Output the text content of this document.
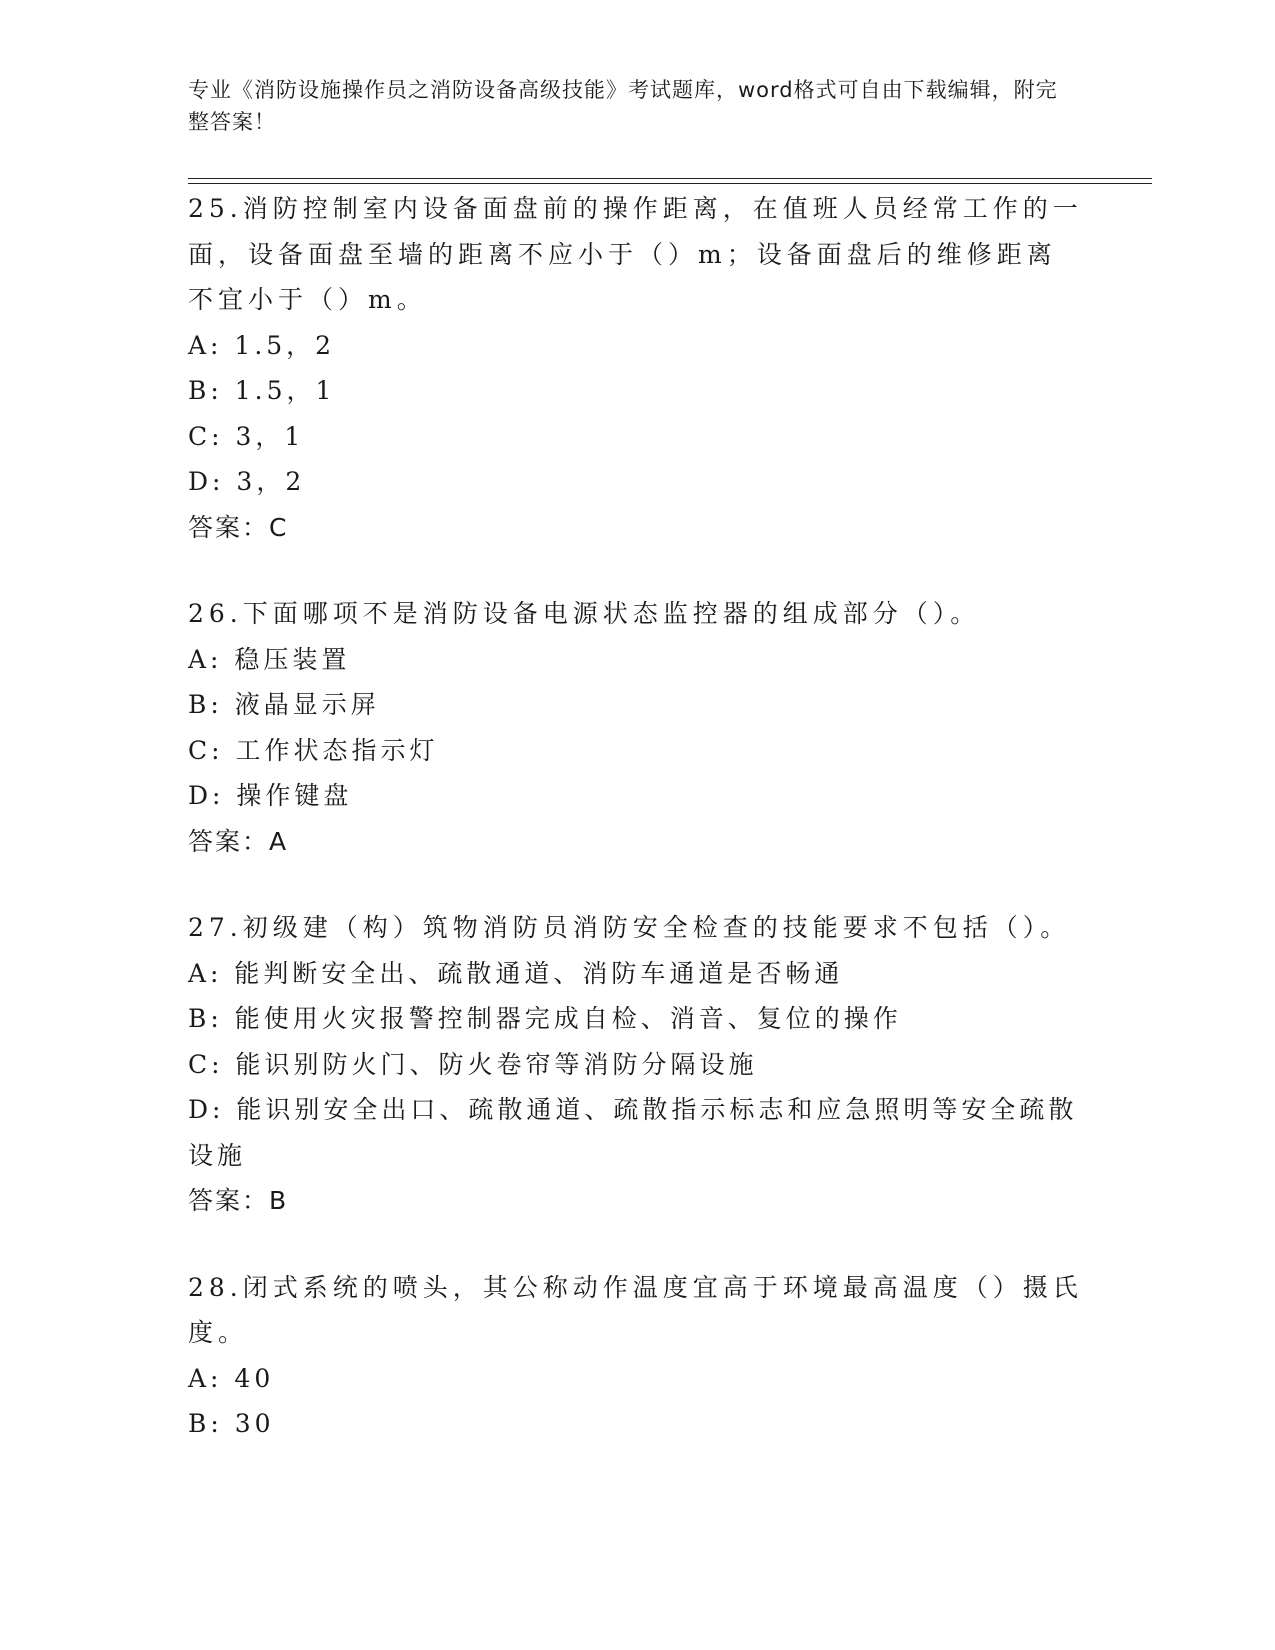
专业《消防设施操作员之消防设备高级技能》考试题库，word格式可自由下载编辑，附完整答案！

25.消防控制室内设备面盘前的操作距离，在值班人员经常工作的一面，设备面盘至墙的距离不应小于（）m；设备面盘后的维修距离不宜小于（）m。

A: 1.5，2

B: 1.5，1

C: 3，1

D: 3，2

答案：C

26.下面哪项不是消防设备电源状态监控器的组成部分（）。

A: 稳压装置

B: 液晶显示屏

C: 工作状态指示灯

D: 操作键盘

答案：A

27.初级建（构）筑物消防员消防安全检查的技能要求不包括（）。

A: 能判断安全出、疏散通道、消防车通道是否畅通

B: 能使用火灾报警控制器完成自检、消音、复位的操作

C: 能识别防火门、防火卷帘等消防分隔设施

D: 能识别安全出口、疏散通道、疏散指示标志和应急照明等安全疏散设施

答案：B

28.闭式系统的喷头，其公称动作温度宜高于环境最高温度（）摄氏度。

A: 40

B: 30
